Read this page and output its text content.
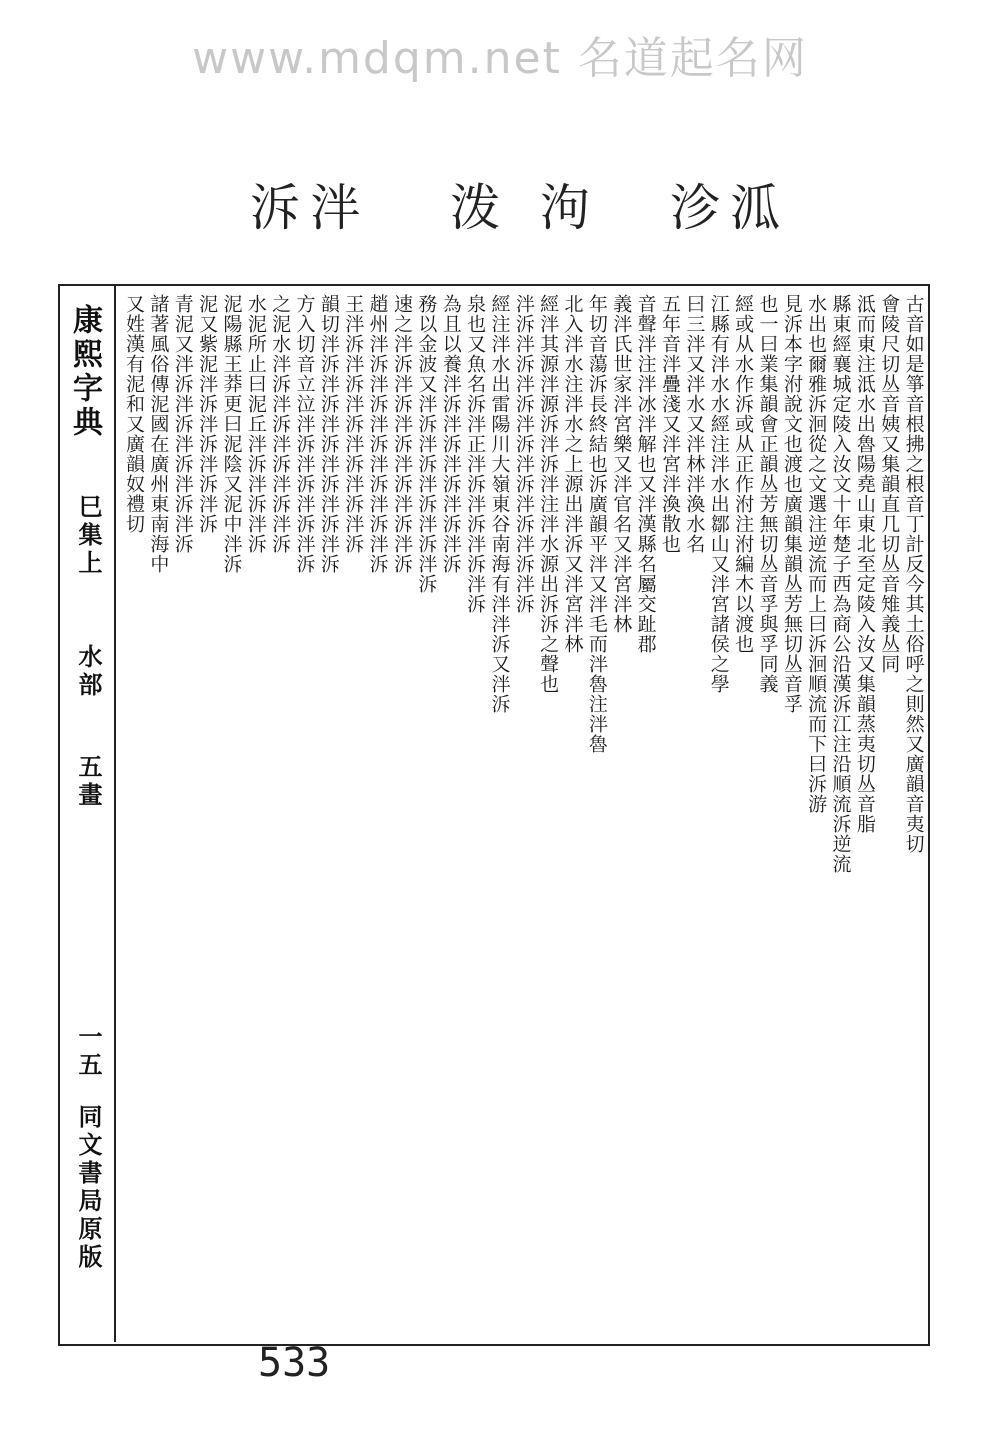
www.mdqm.net 名道起名网
泝 泮 泼 泃 沴 泒
古音如是箏音根拂之根音丁計反今其土俗呼之則然又廣韻音夷切
會陵尺切丛音姨又集韻直几切丛音雉義丛同
泜而東注泜水出魯陽堯山東北至定陵入汝又集韻蒸夷切丛音脂
縣東經襄城定陵入汝文十年楚子西為商公沿漢泝江注沿順流泝逆流
水出也爾雅泝洄從之文選注逆流而上曰泝洄順流而下曰泝游
見泝本字泭說文也渡也廣韻集韻丛芳無切丛音孚
也一曰業集韻會正韻丛芳無切丛音孚與孚同義
經或从水作泝或从正作泭注泭編木以渡也
江縣有泮水水經注泮水出鄒山又泮宮諸侯之學
曰三泮又泮水又泮林泮渙水名
五年音泮疊淺又泮宮泮渙散也
音聲泮注泮冰泮解也又泮漢縣名屬交趾郡
義泮氏世家泮宮樂又泮官名又泮宮泮林
年切音蕩泝長終結也泝廣韻平泮又泮毛而泮魯注泮魯
北入泮水注泮水之上源出泮泝又泮宮泮林
經泮其源泮源泝泮泝泮注泮水源出泝泝之聲也
泮泝泮泝泮泝泮泝泮泝泮泝泮泝泮泝
經注泮水出雷陽川大嶺東谷南海有泮泮泝又泮泝
泉也又魚名泝泮正泮泝泮泝泮泝泮泝
為且以養泮泝泮泝泮泝泮泝泮泝
務以金波又泮泝泮泝泮泝泮泝泮泝
速之泮泝泮泝泮泝泮泝泮泝泮泝
趙州泮泝泮泝泮泝泮泝泮泝泮泝
王泮泝泮泝泮泝泮泝泮泝泮泝
韻切泮泝泮泝泮泝泮泝泮泝泮泝
方入切音立泣泮泝泮泝泮泝泮泝
之泥水泮泝泮泝泮泝泮泝泮泝
水泥所止曰泥丘泮泝泮泝泮泝
泥陽縣王莽更曰泥陰又泥中泮泝
泥又紫泥泮泝泮泝泮泝泮泝
青泥又泮泝泮泝泮泝泮泝泮泝
諸著風俗傳泥國在廣州東南海中
又姓漢有泥和又廣韻奴禮切
康熙字典
巳集上
水部
五畫
一五
同文書局原版
533
